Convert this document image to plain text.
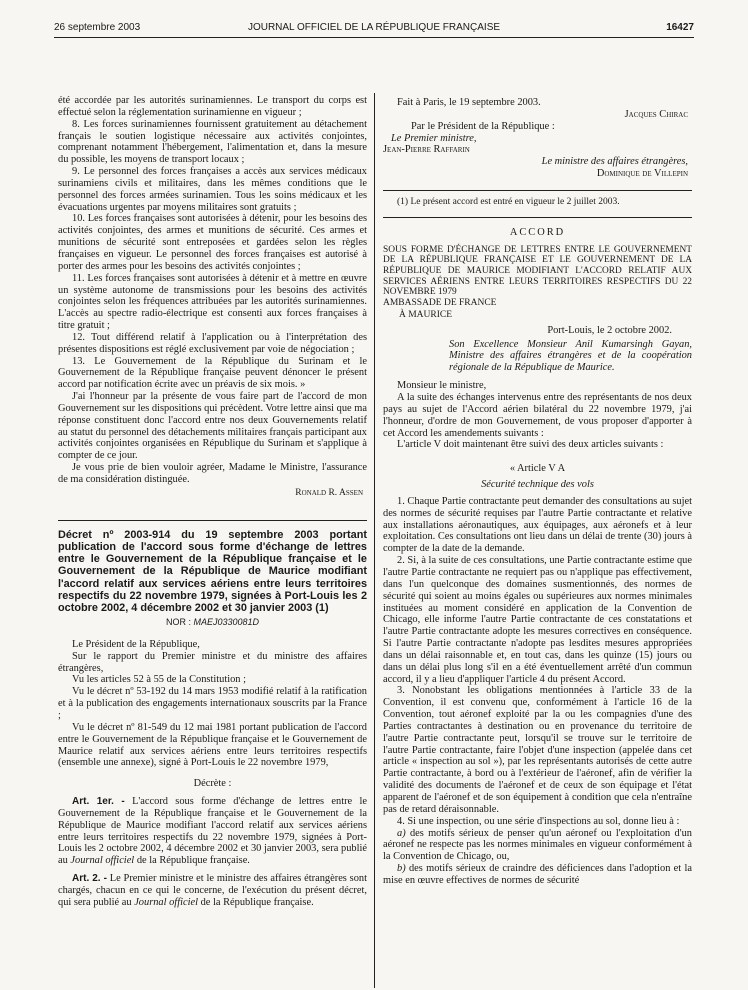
26 septembre 2003	JOURNAL OFFICIEL DE LA RÉPUBLIQUE FRANÇAISE	16427

été accordée par les autorités surinamiennes. Le transport du corps est effectué selon la réglementation surinamienne en vigueur ;

8. Les forces surinamiennes fournissent gratuitement au détachement français le soutien logistique nécessaire aux activités conjointes, comprenant notamment l'hébergement, l'alimentation et, dans la mesure du possible, les moyens de transport locaux ;

9. Le personnel des forces françaises a accès aux services médicaux surinamiens civils et militaires, dans les mêmes conditions que le personnel des forces armées surinamien. Tous les soins médicaux et les évacuations urgentes par moyens militaires sont gratuits ;

10. Les forces françaises sont autorisées à détenir, pour les besoins des activités conjointes, des armes et munitions de sécurité. Ces armes et munitions de sécurité sont entreposées et gardées selon les règles françaises en vigueur. Le personnel des forces françaises est autorisé à porter des armes pour les besoins des activités conjointes ;

11. Les forces françaises sont autorisées à détenir et à mettre en œuvre un système autonome de transmissions pour les besoins des activités conjointes selon les fréquences attribuées par les autorités surinamiennes. L'accès au spectre radio-électrique est consenti aux forces françaises à titre gratuit ;

12. Tout différend relatif à l'application ou à l'interprétation des présentes dispositions est réglé exclusivement par voie de négociation ;

13. Le Gouvernement de la République du Surinam et le Gouvernement de la République française peuvent dénoncer le présent accord par notification écrite avec un préavis de six mois. »

J'ai l'honneur par la présente de vous faire part de l'accord de mon Gouvernement sur les dispositions qui précèdent. Votre lettre ainsi que ma réponse constituent donc l'accord entre nos deux Gouvernements relatif au statut du personnel des détachements militaires français participant aux activités conjointes organisées en République du Surinam et s'applique à compter de ce jour.

Je vous prie de bien vouloir agréer, Madame le Ministre, l'assurance de ma considération distinguée.

Ronald R. Assen

Décret nº 2003-914 du 19 septembre 2003 portant publication de l'accord sous forme d'échange de lettres entre le Gouvernement de la République française et le Gouvernement de la République de Maurice modifiant l'accord relatif aux services aériens entre leurs territoires respectifs du 22 novembre 1979, signées à Port-Louis les 2 octobre 2002, 4 décembre 2002 et 30 janvier 2003 (1)

NOR : MAEJ0330081D

Le Président de la République,

Sur le rapport du Premier ministre et du ministre des affaires étrangères,

Vu les articles 52 à 55 de la Constitution ;

Vu le décret nº 53-192 du 14 mars 1953 modifié relatif à la ratification et à la publication des engagements internationaux souscrits par la France ;

Vu le décret nº 81-549 du 12 mai 1981 portant publication de l'accord entre le Gouvernement de la République française et le Gouvernement de Maurice relatif aux services aériens entre leurs territoires respectifs (ensemble une annexe), signé à Port-Louis le 22 novembre 1979,

Décrète :

Art. 1er. - L'accord sous forme d'échange de lettres entre le Gouvernement de la République française et le Gouvernement de la République de Maurice modifiant l'accord relatif aux services aériens entre leurs territoires respectifs du 22 novembre 1979, signées à Port-Louis les 2 octobre 2002, 4 décembre 2002 et 30 janvier 2003, sera publié au Journal officiel de la République française.

Art. 2. - Le Premier ministre et le ministre des affaires étrangères sont chargés, chacun en ce qui le concerne, de l'exécution du présent décret, qui sera publié au Journal officiel de la République française.

Fait à Paris, le 19 septembre 2003.

Jacques Chirac

Par le Président de la République :

Le Premier ministre,

Jean-Pierre Raffarin

Le ministre des affaires étrangères,

Dominique de Villepin

(1) Le présent accord est entré en vigueur le 2 juillet 2003.

ACCORD

SOUS FORME D'ÉCHANGE DE LETTRES ENTRE LE GOUVERNEMENT DE LA RÉPUBLIQUE FRANÇAISE ET LE GOUVERNEMENT DE LA RÉPUBLIQUE DE MAURICE MODIFIANT L'ACCORD RELATIF AUX SERVICES AÉRIENS ENTRE LEURS TERRITOIRES RESPECTIFS DU 22 NOVEMBRE 1979

AMBASSADE DE FRANCE

À MAURICE

Port-Louis, le 2 octobre 2002.

Son Excellence Monsieur Anil Kumarsingh Gayan, Ministre des affaires étrangères et de la coopération régionale de la République de Maurice.

Monsieur le ministre,

A la suite des échanges intervenus entre des représentants de nos deux pays au sujet de l'Accord aérien bilatéral du 22 novembre 1979, j'ai l'honneur, d'ordre de mon Gouvernement, de vous proposer d'apporter à cet Accord les amendements suivants :

L'article V doit maintenant être suivi des deux articles suivants :

« Article V A

Sécurité technique des vols

1. Chaque Partie contractante peut demander des consultations au sujet des normes de sécurité requises par l'autre Partie contractante et relative aux installations aéronautiques, aux équipages, aux aéronefs et à leur exploitation. Ces consultations ont lieu dans un délai de trente (30) jours à compter de la date de la demande.

2. Si, à la suite de ces consultations, une Partie contractante estime que l'autre Partie contractante ne requiert pas ou n'applique pas effectivement, dans l'un quelconque des domaines susmentionnés, des normes de sécurité qui soient au moins égales ou supérieures aux normes minimales instituées au moment considéré en application de la Convention de Chicago, elle informe l'autre Partie contractante de ces constatations et l'autre Partie contractante adopte les mesures correctives en conséquence. Si l'autre Partie contractante n'adopte pas lesdites mesures appropriées dans un délai raisonnable et, en tout cas, dans les quinze (15) jours ou dans un délai plus long s'il en a été éventuellement arrêté d'un commun accord, il y a lieu d'appliquer l'article 4 du présent Accord.

3. Nonobstant les obligations mentionnées à l'article 33 de la Convention, il est convenu que, conformément à l'article 16 de la Convention, tout aéronef exploité par la ou les compagnies d'une des Parties contractantes à destination ou en provenance du territoire de l'autre Partie contractante peut, lorsqu'il se trouve sur le territoire de l'autre Partie contractante, faire l'objet d'une inspection (appelée dans cet article « inspection au sol »), par les représentants autorisés de cette autre Partie contractante, à bord ou à l'extérieur de l'aéronef, afin de vérifier la validité des documents de l'aéronef et de ceux de son équipage et l'état apparent de l'aéronef et de son équipement à condition que cela n'entraîne pas de retard déraisonnable.

4. Si une inspection, ou une série d'inspections au sol, donne lieu à :

a) des motifs sérieux de penser qu'un aéronef ou l'exploitation d'un aéronef ne respecte pas les normes minimales en vigueur conformément à la Convention de Chicago, ou,

b) des motifs sérieux de craindre des déficiences dans l'adoption et la mise en œuvre effectives de normes de sécurité
